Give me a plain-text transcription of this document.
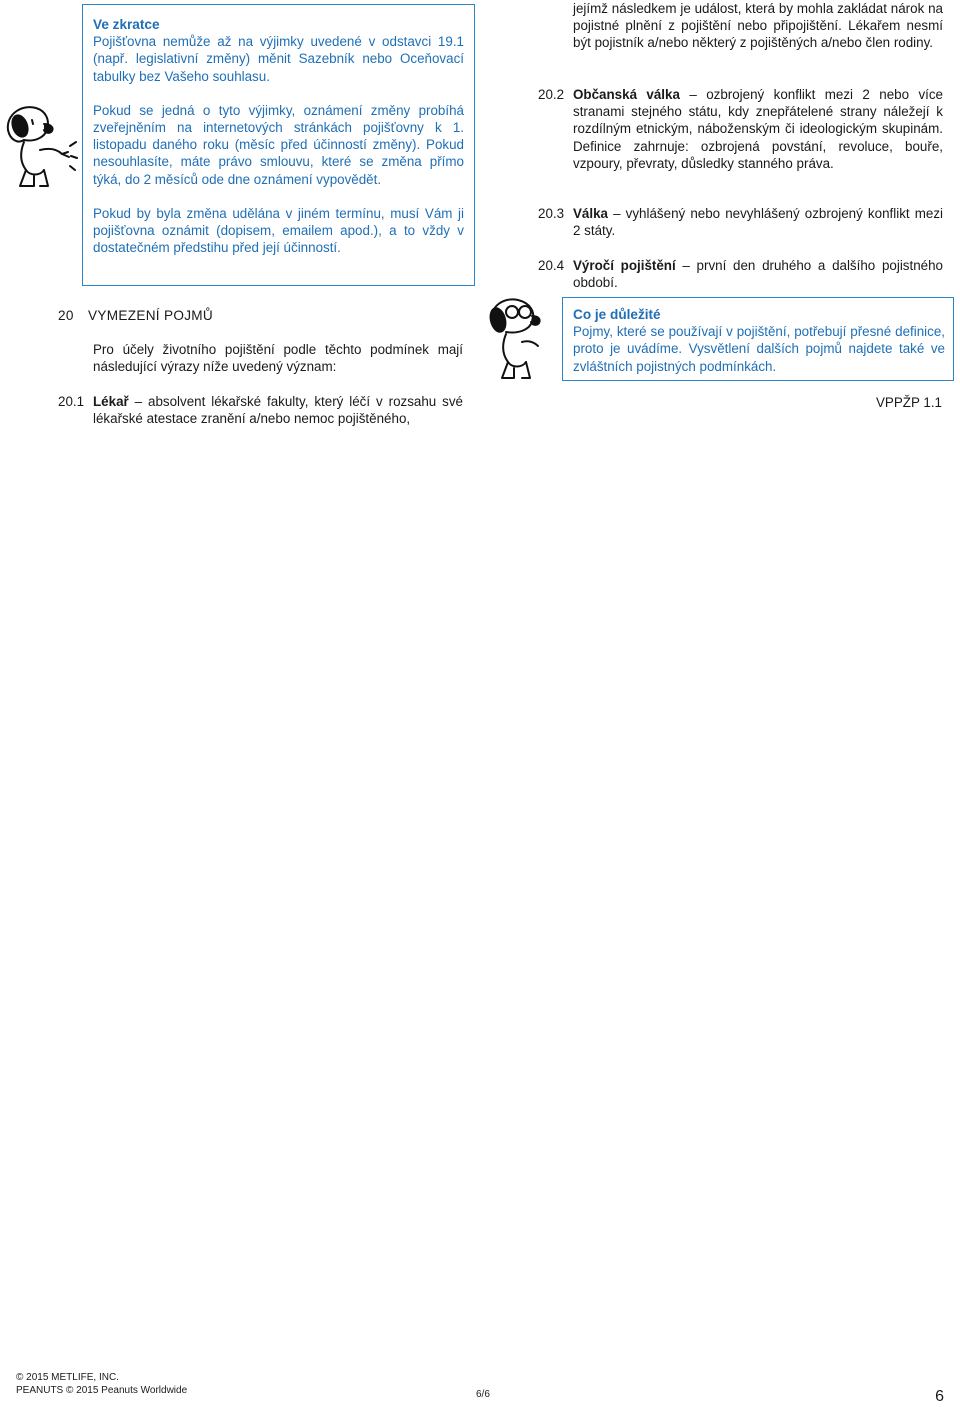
Ve zkratce

Pojišťovna nemůže až na výjimky uvedené v odstavci 19.1 (např. legislativní změny) měnit Sazebník nebo Oceňovací tabulky bez Vašeho souhlasu.

Pokud se jedná o tyto výjimky, oznámení změny probíhá zveřejněním na internetových stránkách pojišťovny k 1. listopadu daného roku (měsíc před účinností změny). Pokud nesouhlasíte, máte právo smlouvu, které se změna přímo týká, do 2 měsíců ode dne oznámení vypovědět.

Pokud by byla změna udělána v jiném termínu, musí Vám ji pojišťovna oznámit (dopisem, emailem apod.), a to vždy v dostatečném předstihu před její účinností.

20 VYMEZENÍ POJMŮ
Pro účely životního pojištění podle těchto podmínek mají následující výrazy níže uvedený význam:
20.1 Lékař – absolvent lékařské fakulty, který léčí v rozsahu své lékařské atestace zranění a/nebo nemoc pojištěného,
jejímž následkem je událost, která by mohla zakládat nárok na pojistné plnění z pojištění nebo připojištění. Lékařem nesmí být pojistník a/nebo některý z pojištěných a/nebo člen rodiny.
20.2 Občanská válka – ozbrojený konflikt mezi 2 nebo více stranami stejného státu, kdy znepřátelené strany náležejí k rozdílným etnickým, náboženským či ideologickým skupinám. Definice zahrnuje: ozbrojená povstání, revoluce, bouře, vzpoury, převraty, důsledky stanného práva.
20.3 Válka – vyhlášený nebo nevyhlášený ozbrojený konflikt mezi 2 státy.
20.4 Výročí pojištění – první den druhého a dalšího pojistného období.
Co je důležité

Pojmy, které se používají v pojištění, potřebují přesné definice, proto je uvádíme. Vysvětlení dalších pojmů najdete také ve zvláštních pojistných podmínkách.

VPPŽP 1.1
© 2015 METLIFE, INC.
PEANUTS © 2015 Peanuts Worldwide	6/6	6
